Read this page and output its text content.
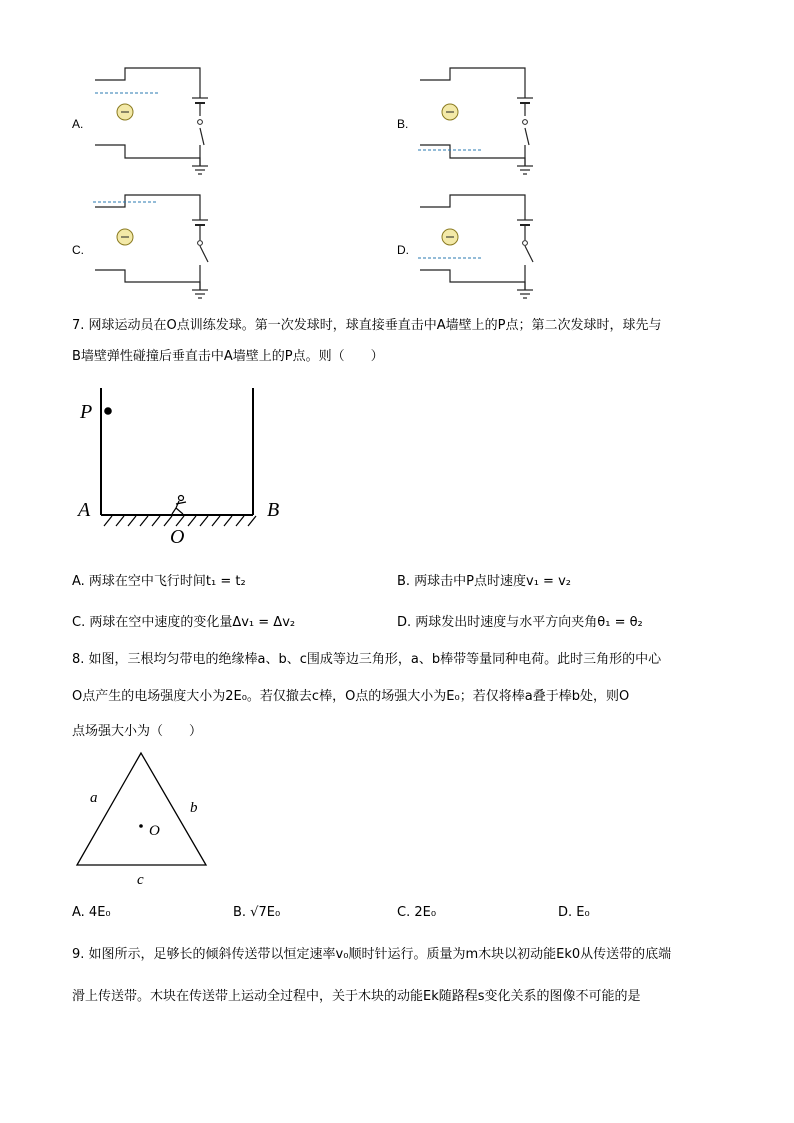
A.	B.
C.	D.
7. 网球运动员在O点训练发球。第一次发球时，球直接垂直击中A墙壁上的P点；第二次发球时，球先与
B墙壁弹性碰撞后垂直击中A墙壁上的P点。则（　　）
P
A	B
O
A. 两球在空中飞行时间t₁ = t₂	B. 两球击中P点时速度v₁ = v₂
C. 两球在空中速度的变化量Δv₁ = Δv₂	D. 两球发出时速度与水平方向夹角θ₁ = θ₂
8. 如图，三根均匀带电的绝缘棒a、b、c围成等边三角形，a、b棒带等量同种电荷。此时三角形的中心
O点产生的电场强度大小为2E₀。若仅撤去c棒，O点的场强大小为E₀；若仅将棒a叠于棒b处，则O
点场强大小为（　　）
a
b
c
O
A. 4E₀	B. √7E₀	C. 2E₀	D. E₀
9. 如图所示，足够长的倾斜传送带以恒定速率v₀顺时针运行。质量为m木块以初动能Ek0从传送带的底端
滑上传送带。木块在传送带上运动全过程中，关于木块的动能Ek随路程s变化关系的图像不可能的是
